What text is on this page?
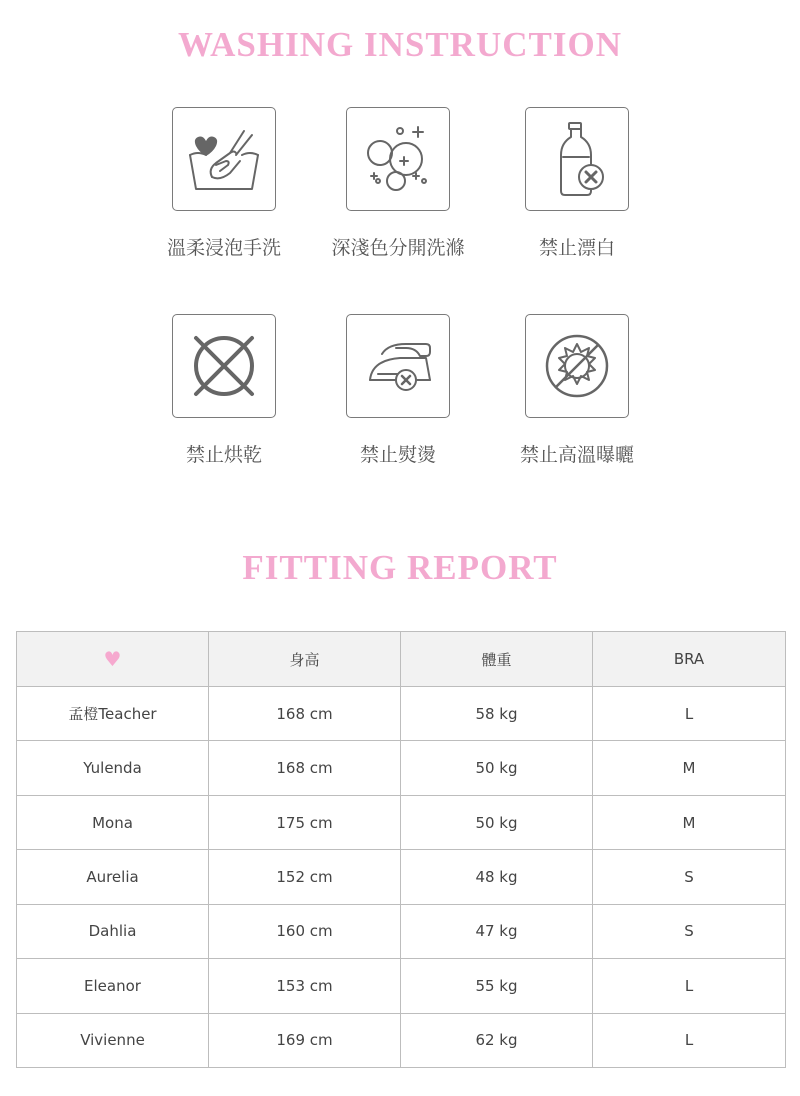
WASHING INSTRUCTION
溫柔浸泡手洗	深淺色分開洗滌	禁止漂白
禁止烘乾	禁止熨燙	禁止高溫曝曬
FITTING REPORT
♥	身高	體重	BRA
孟橙Teacher	168 cm	58 kg	L
Yulenda	168 cm	50 kg	M
Mona	175 cm	50 kg	M
Aurelia	152 cm	48 kg	S
Dahlia	160 cm	47 kg	S
Eleanor	153 cm	55 kg	L
Vivienne	169 cm	62 kg	L
